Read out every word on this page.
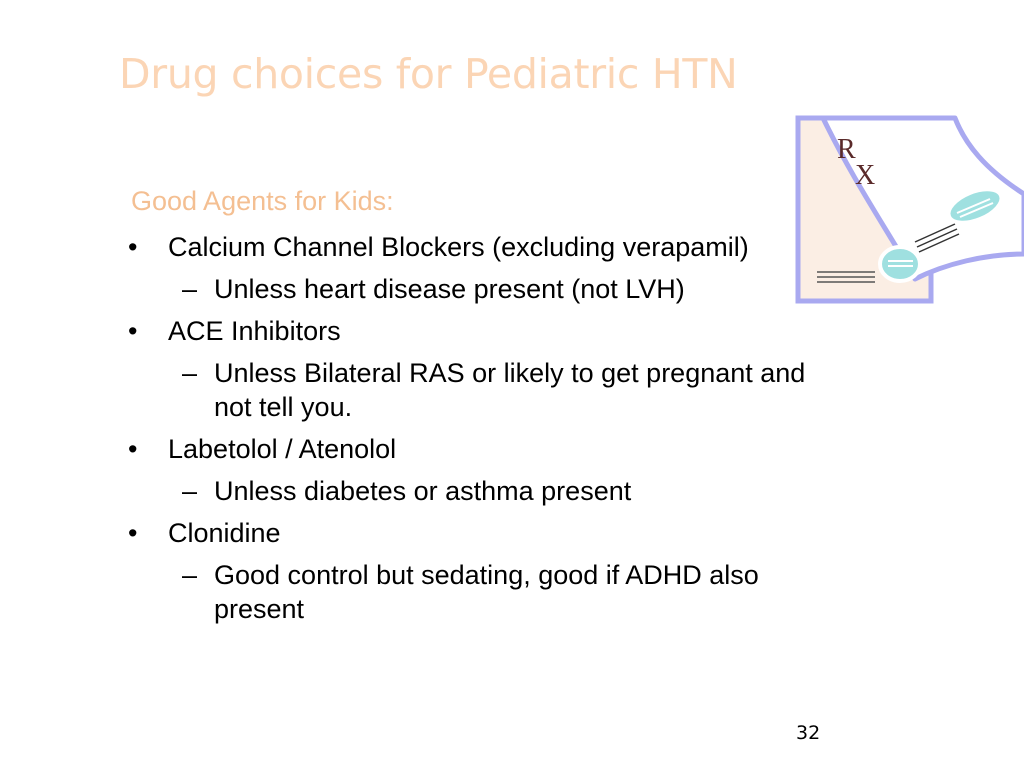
Drug choices for Pediatric HTN
R
X
Good Agents for Kids:
• Calcium Channel Blockers (excluding verapamil)
– Unless heart disease present (not LVH)
• ACE Inhibitors
– Unless Bilateral RAS or likely to get pregnant and not tell you.
• Labetolol / Atenolol
– Unless diabetes or asthma present
• Clonidine
– Good control but sedating, good if ADHD also present
32
